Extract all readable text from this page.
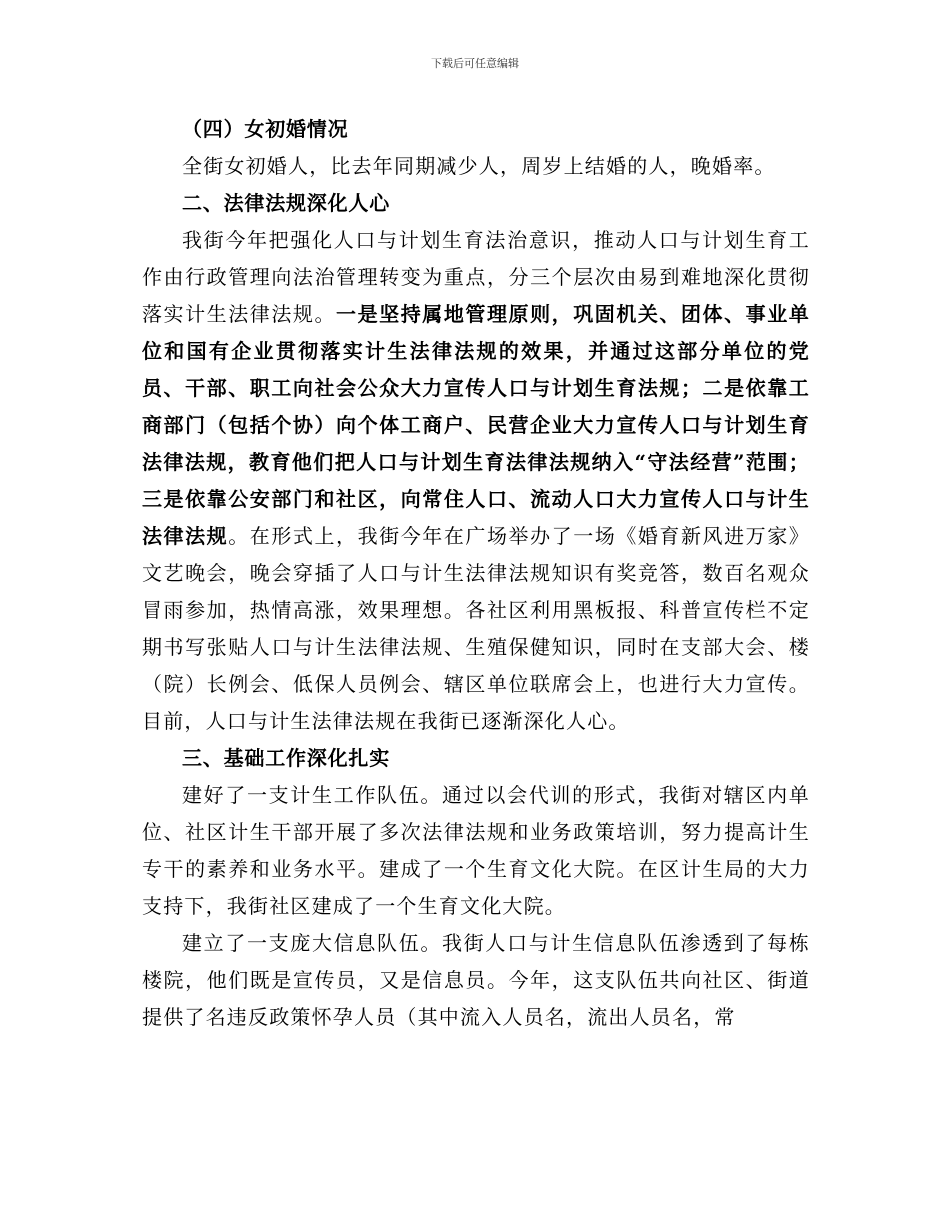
下载后可任意编辑

（四）女初婚情况

全街女初婚人，比去年同期减少人，周岁上结婚的人，晚婚率。

二、法律法规深化人心

我街今年把强化人口与计划生育法治意识，推动人口与计划生育工作由行政管理向法治管理转变为重点，分三个层次由易到难地深化贯彻落实计生法律法规。一是坚持属地管理原则，巩固机关、团体、事业单位和国有企业贯彻落实计生法律法规的效果，并通过这部分单位的党员、干部、职工向社会公众大力宣传人口与计划生育法规；二是依靠工商部门（包括个协）向个体工商户、民营企业大力宣传人口与计划生育法律法规，教育他们把人口与计划生育法律法规纳入“守法经营”范围；三是依靠公安部门和社区，向常住人口、流动人口大力宣传人口与计生法律法规。在形式上，我街今年在广场举办了一场《婚育新风进万家》文艺晚会，晚会穿插了人口与计生法律法规知识有奖竞答，数百名观众冒雨参加，热情高涨，效果理想。各社区利用黑板报、科普宣传栏不定期书写张贴人口与计生法律法规、生殖保健知识，同时在支部大会、楼（院）长例会、低保人员例会、辖区单位联席会上，也进行大力宣传。目前，人口与计生法律法规在我街已逐渐深化人心。

三、基础工作深化扎实

建好了一支计生工作队伍。通过以会代训的形式，我街对辖区内单位、社区计生干部开展了多次法律法规和业务政策培训，努力提高计生专干的素养和业务水平。建成了一个生育文化大院。在区计生局的大力支持下，我街社区建成了一个生育文化大院。

建立了一支庞大信息队伍。我街人口与计生信息队伍渗透到了每栋楼院，他们既是宣传员，又是信息员。今年，这支队伍共向社区、街道提供了名违反政策怀孕人员（其中流入人员名，流出人员名，常
